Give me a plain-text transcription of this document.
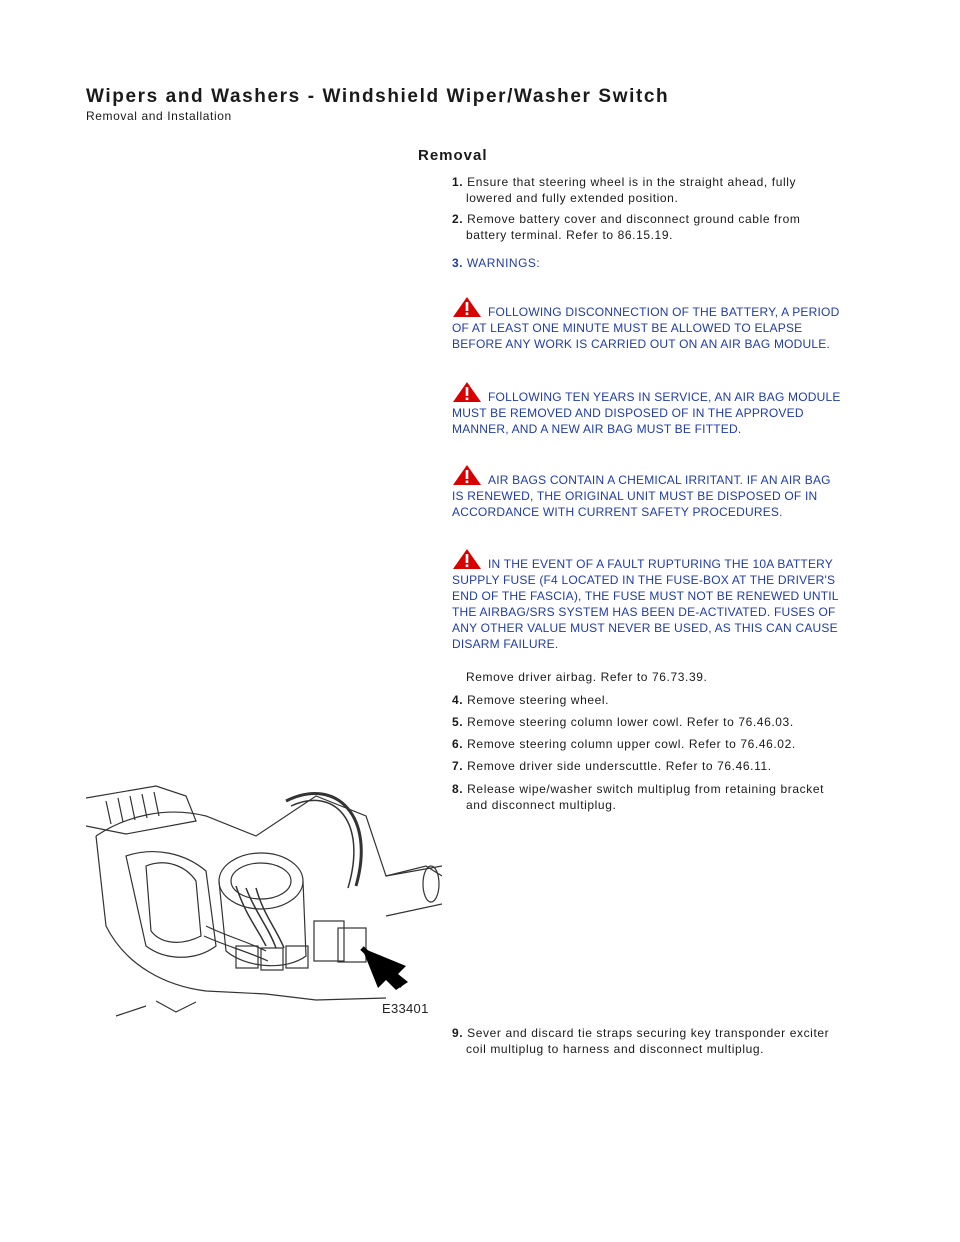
Wipers and Washers - Windshield Wiper/Washer Switch
Removal and Installation
Removal
1. Ensure that steering wheel is in the straight ahead, fully
lowered and fully extended position.
2. Remove battery cover and disconnect ground cable from
battery terminal. Refer to 86.15.19.
3. WARNINGS:
FOLLOWING DISCONNECTION OF THE BATTERY, A PERIOD
OF AT LEAST ONE MINUTE MUST BE ALLOWED TO ELAPSE
BEFORE ANY WORK IS CARRIED OUT ON AN AIR BAG MODULE.
FOLLOWING TEN YEARS IN SERVICE, AN AIR BAG MODULE
MUST BE REMOVED AND DISPOSED OF IN THE APPROVED
MANNER, AND A NEW AIR BAG MUST BE FITTED.
AIR BAGS CONTAIN A CHEMICAL IRRITANT. IF AN AIR BAG
IS RENEWED, THE ORIGINAL UNIT MUST BE DISPOSED OF IN
ACCORDANCE WITH CURRENT SAFETY PROCEDURES.
IN THE EVENT OF A FAULT RUPTURING THE 10A BATTERY
SUPPLY FUSE (F4 LOCATED IN THE FUSE-BOX AT THE DRIVER'S
END OF THE FASCIA), THE FUSE MUST NOT BE RENEWED UNTIL
THE AIRBAG/SRS SYSTEM HAS BEEN DE-ACTIVATED. FUSES OF
ANY OTHER VALUE MUST NEVER BE USED, AS THIS CAN CAUSE
DISARM FAILURE.
Remove driver airbag. Refer to 76.73.39.
4. Remove steering wheel.
5. Remove steering column lower cowl. Refer to 76.46.03.
6. Remove steering column upper cowl. Refer to 76.46.02.
7. Remove driver side underscuttle. Refer to 76.46.11.
8. Release wipe/washer switch multiplug from retaining bracket
and disconnect multiplug.
E33401
9. Sever and discard tie straps securing key transponder exciter
coil multiplug to harness and disconnect multiplug.
